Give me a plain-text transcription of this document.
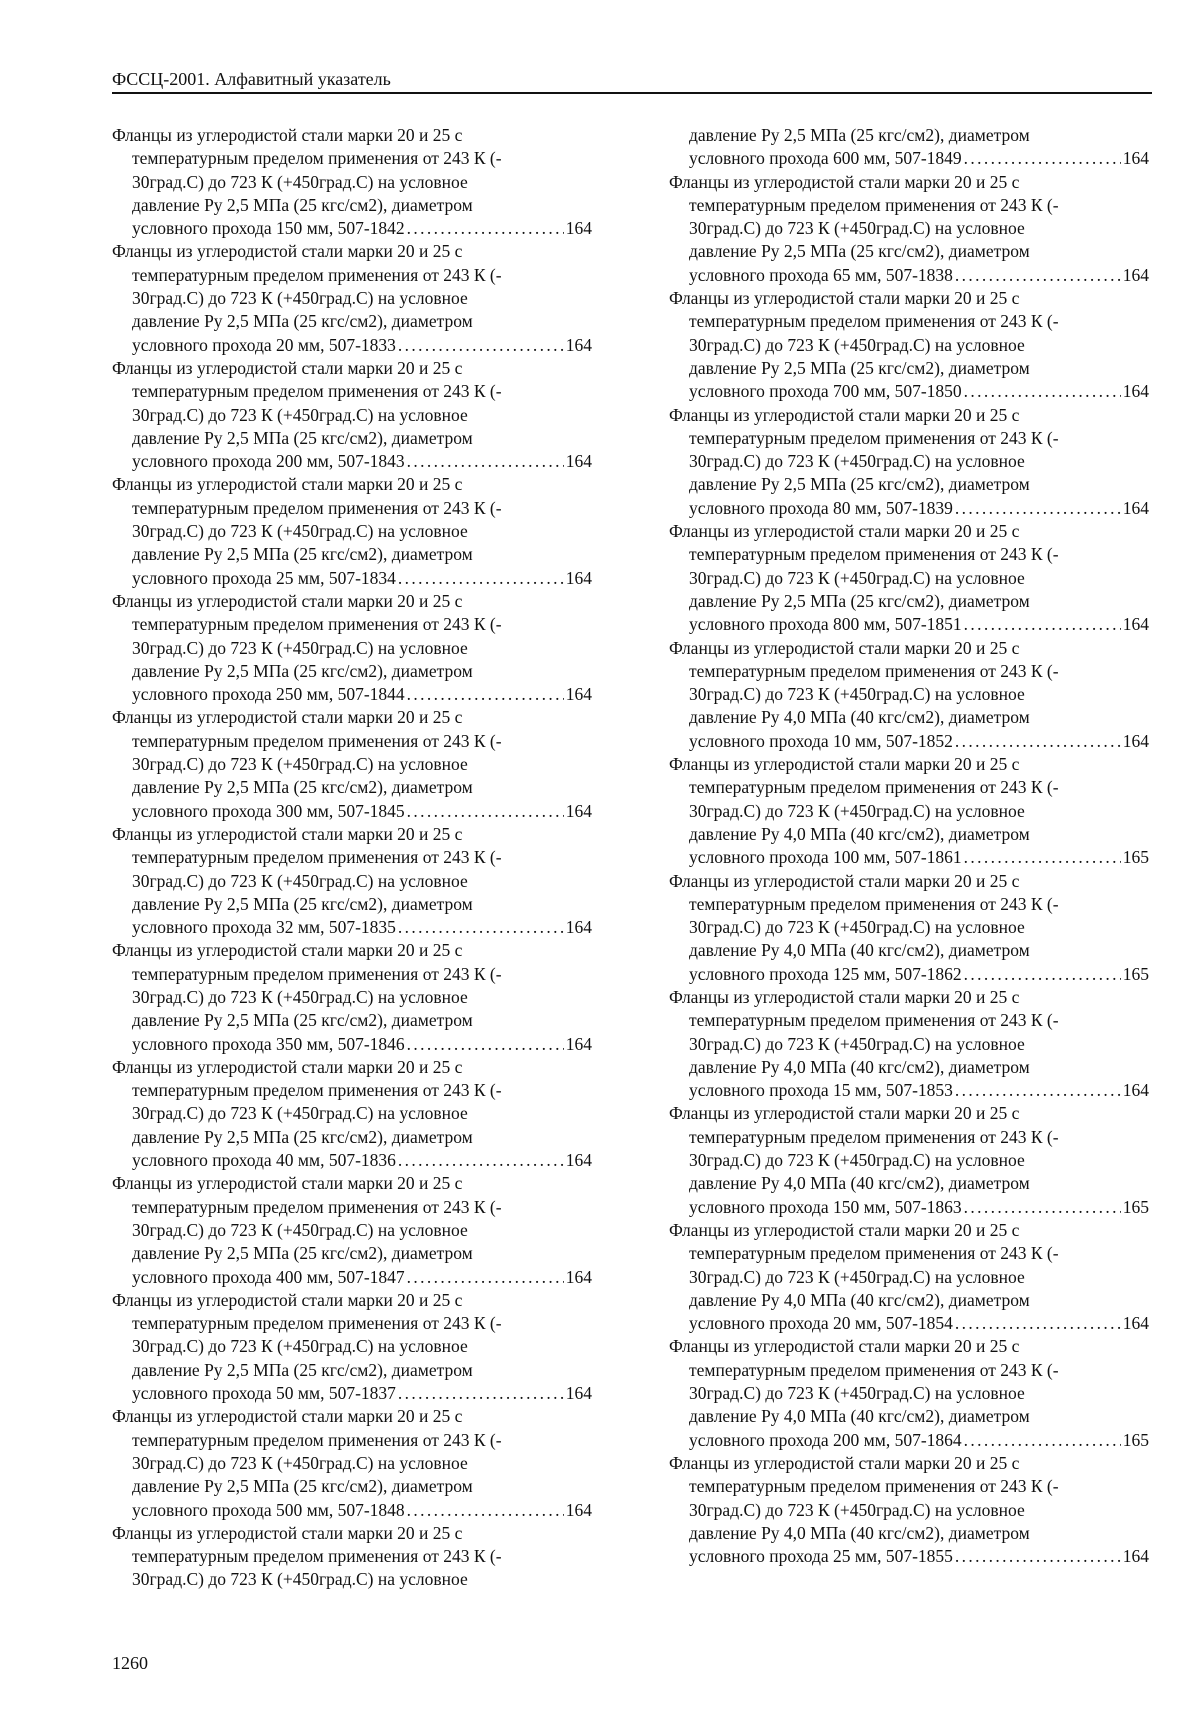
ФССЦ-2001. Алфавитный указатель
Фланцы из углеродистой стали марки 20 и 25 с
температурным пределом применения от 243 К (-
30град.С) до 723 К (+450град.С) на условное
давление Ру 2,5 МПа (25 кгс/см2), диаметром
условного прохода 150 мм, 507-1842 . . .	164
Фланцы из углеродистой стали марки 20 и 25 с
температурным пределом применения от 243 К (-
30град.С) до 723 К (+450град.С) на условное
давление Ру 2,5 МПа (25 кгс/см2), диаметром
условного прохода 20 мм, 507-1833 . . .	164
Фланцы из углеродистой стали марки 20 и 25 с
температурным пределом применения от 243 К (-
30град.С) до 723 К (+450град.С) на условное
давление Ру 2,5 МПа (25 кгс/см2), диаметром
условного прохода 200 мм, 507-1843 . . .	164
Фланцы из углеродистой стали марки 20 и 25 с
температурным пределом применения от 243 К (-
30град.С) до 723 К (+450град.С) на условное
давление Ру 2,5 МПа (25 кгс/см2), диаметром
условного прохода 25 мм, 507-1834 . . .	164
Фланцы из углеродистой стали марки 20 и 25 с
температурным пределом применения от 243 К (-
30град.С) до 723 К (+450град.С) на условное
давление Ру 2,5 МПа (25 кгс/см2), диаметром
условного прохода 250 мм, 507-1844 . . .	164
Фланцы из углеродистой стали марки 20 и 25 с
температурным пределом применения от 243 К (-
30град.С) до 723 К (+450град.С) на условное
давление Ру 2,5 МПа (25 кгс/см2), диаметром
условного прохода 300 мм, 507-1845 . . .	164
Фланцы из углеродистой стали марки 20 и 25 с
температурным пределом применения от 243 К (-
30град.С) до 723 К (+450град.С) на условное
давление Ру 2,5 МПа (25 кгс/см2), диаметром
условного прохода 32 мм, 507-1835 . . .	164
Фланцы из углеродистой стали марки 20 и 25 с
температурным пределом применения от 243 К (-
30град.С) до 723 К (+450град.С) на условное
давление Ру 2,5 МПа (25 кгс/см2), диаметром
условного прохода 350 мм, 507-1846 . . .	164
Фланцы из углеродистой стали марки 20 и 25 с
температурным пределом применения от 243 К (-
30град.С) до 723 К (+450град.С) на условное
давление Ру 2,5 МПа (25 кгс/см2), диаметром
условного прохода 40 мм, 507-1836 . . .	164
Фланцы из углеродистой стали марки 20 и 25 с
температурным пределом применения от 243 К (-
30град.С) до 723 К (+450град.С) на условное
давление Ру 2,5 МПа (25 кгс/см2), диаметром
условного прохода 400 мм, 507-1847 . . .	164
Фланцы из углеродистой стали марки 20 и 25 с
температурным пределом применения от 243 К (-
30град.С) до 723 К (+450град.С) на условное
давление Ру 2,5 МПа (25 кгс/см2), диаметром
условного прохода 50 мм, 507-1837 . . .	164
Фланцы из углеродистой стали марки 20 и 25 с
температурным пределом применения от 243 К (-
30град.С) до 723 К (+450град.С) на условное
давление Ру 2,5 МПа (25 кгс/см2), диаметром
условного прохода 500 мм, 507-1848 . . .	164
Фланцы из углеродистой стали марки 20 и 25 с
температурным пределом применения от 243 К (-
30град.С) до 723 К (+450град.С) на условное
давление Ру 2,5 МПа (25 кгс/см2), диаметром
условного прохода 600 мм, 507-1849 . . .	164
Фланцы из углеродистой стали марки 20 и 25 с
температурным пределом применения от 243 К (-
30град.С) до 723 К (+450град.С) на условное
давление Ру 2,5 МПа (25 кгс/см2), диаметром
условного прохода 65 мм, 507-1838 . . .	164
Фланцы из углеродистой стали марки 20 и 25 с
температурным пределом применения от 243 К (-
30град.С) до 723 К (+450град.С) на условное
давление Ру 2,5 МПа (25 кгс/см2), диаметром
условного прохода 700 мм, 507-1850 . . .	164
Фланцы из углеродистой стали марки 20 и 25 с
температурным пределом применения от 243 К (-
30град.С) до 723 К (+450град.С) на условное
давление Ру 2,5 МПа (25 кгс/см2), диаметром
условного прохода 80 мм, 507-1839 . . .	164
Фланцы из углеродистой стали марки 20 и 25 с
температурным пределом применения от 243 К (-
30град.С) до 723 К (+450град.С) на условное
давление Ру 2,5 МПа (25 кгс/см2), диаметром
условного прохода 800 мм, 507-1851 . . .	164
Фланцы из углеродистой стали марки 20 и 25 с
температурным пределом применения от 243 К (-
30град.С) до 723 К (+450град.С) на условное
давление Ру 4,0 МПа (40 кгс/см2), диаметром
условного прохода 10 мм, 507-1852 . . .	164
Фланцы из углеродистой стали марки 20 и 25 с
температурным пределом применения от 243 К (-
30град.С) до 723 К (+450град.С) на условное
давление Ру 4,0 МПа (40 кгс/см2), диаметром
условного прохода 100 мм, 507-1861 . . .	165
Фланцы из углеродистой стали марки 20 и 25 с
температурным пределом применения от 243 К (-
30град.С) до 723 К (+450град.С) на условное
давление Ру 4,0 МПа (40 кгс/см2), диаметром
условного прохода 125 мм, 507-1862 . . .	165
Фланцы из углеродистой стали марки 20 и 25 с
температурным пределом применения от 243 К (-
30град.С) до 723 К (+450град.С) на условное
давление Ру 4,0 МПа (40 кгс/см2), диаметром
условного прохода 15 мм, 507-1853 . . .	164
Фланцы из углеродистой стали марки 20 и 25 с
температурным пределом применения от 243 К (-
30град.С) до 723 К (+450град.С) на условное
давление Ру 4,0 МПа (40 кгс/см2), диаметром
условного прохода 150 мм, 507-1863 . . .	165
Фланцы из углеродистой стали марки 20 и 25 с
температурным пределом применения от 243 К (-
30град.С) до 723 К (+450град.С) на условное
давление Ру 4,0 МПа (40 кгс/см2), диаметром
условного прохода 20 мм, 507-1854 . . .	164
Фланцы из углеродистой стали марки 20 и 25 с
температурным пределом применения от 243 К (-
30град.С) до 723 К (+450град.С) на условное
давление Ру 4,0 МПа (40 кгс/см2), диаметром
условного прохода 200 мм, 507-1864 . . .	165
Фланцы из углеродистой стали марки 20 и 25 с
температурным пределом применения от 243 К (-
30град.С) до 723 К (+450град.С) на условное
давление Ру 4,0 МПа (40 кгс/см2), диаметром
условного прохода 25 мм, 507-1855 . . .	164
1260
